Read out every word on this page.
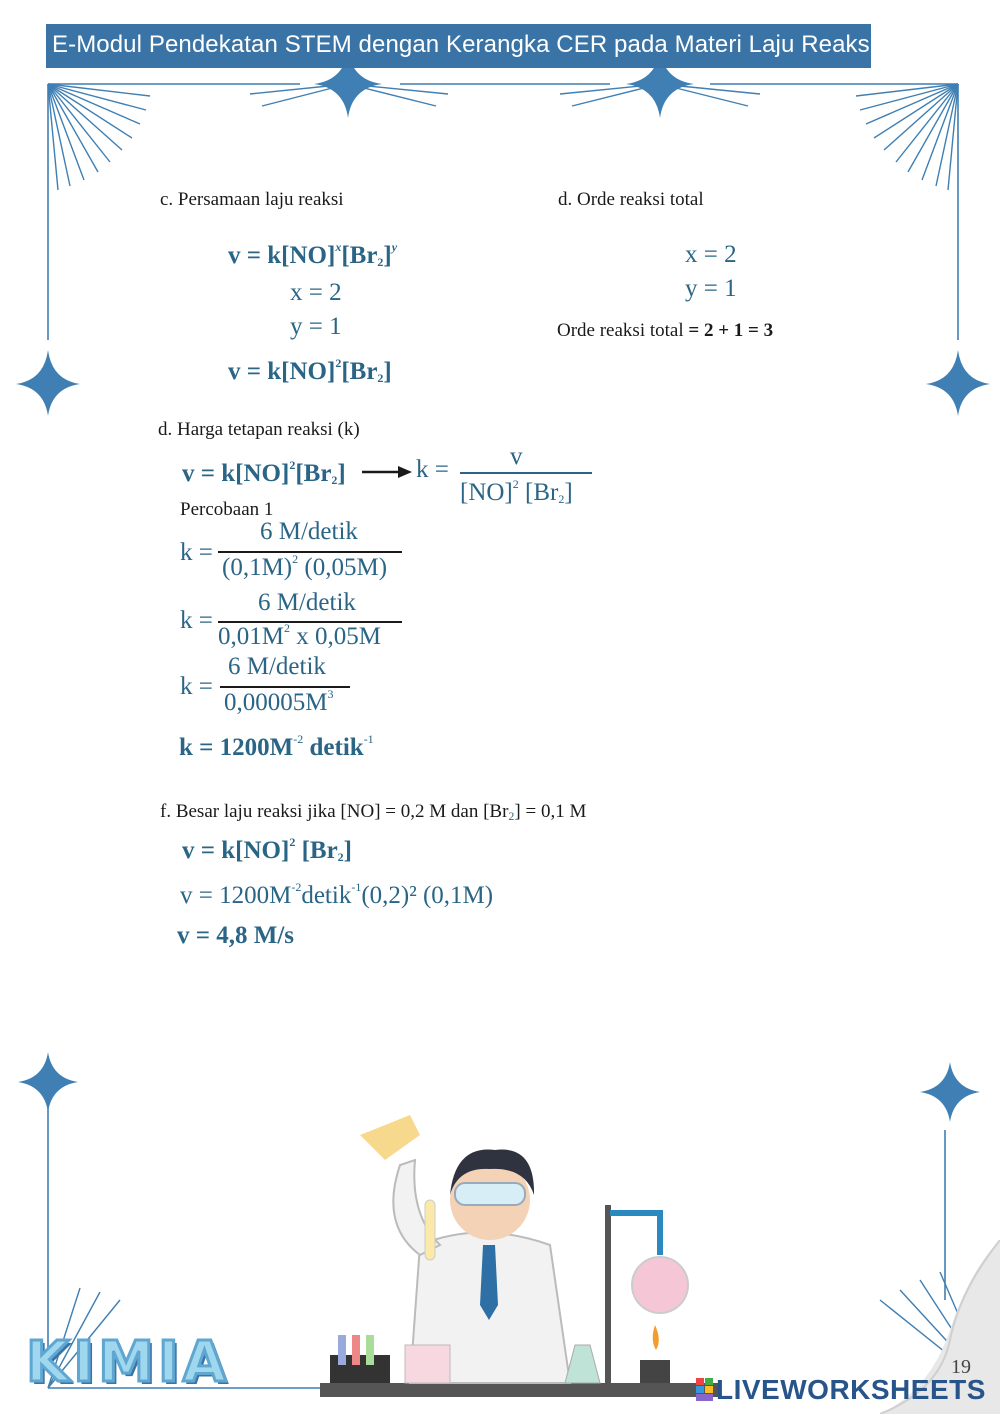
E-Modul Pendekatan STEM dengan Kerangka CER pada Materi Laju Reaksi
c. Persamaan laju reaksi
$v = k[NO]^x[Br_2]^y$
x = 2
y = 1
$v = k[NO]^2[Br_2]$
d. Orde reaksi total
x = 2
y = 1
Orde reaksi total = 2 + 1 = 3
d. Harga tetapan reaksi (k)
$v = k[NO]^2[Br_2]$	k = v
[NO]$^2$ $[Br_2]$
Percobaan 1
k =
6 M/detik
$(0,1M)^2$ (0,05M)
k =
6 M/detik
$0,01M^2$ x 0,05M
k =
6 M/detik
$0,00005M^3$
$k = 1200M^{-2}$ detik$^{-1}$
f. Besar laju reaksi jika [NO] = 0,2 M dan $[Br_2] = 0,1$ M
v = k[NO]$^2$ $[Br_2]$
$v = 1200M^{-2}detik^{-1}(0,2)^2$ (0,1M)
v = 4,8 M/s
KIMIA	19
LIVEWORKSHEETS
